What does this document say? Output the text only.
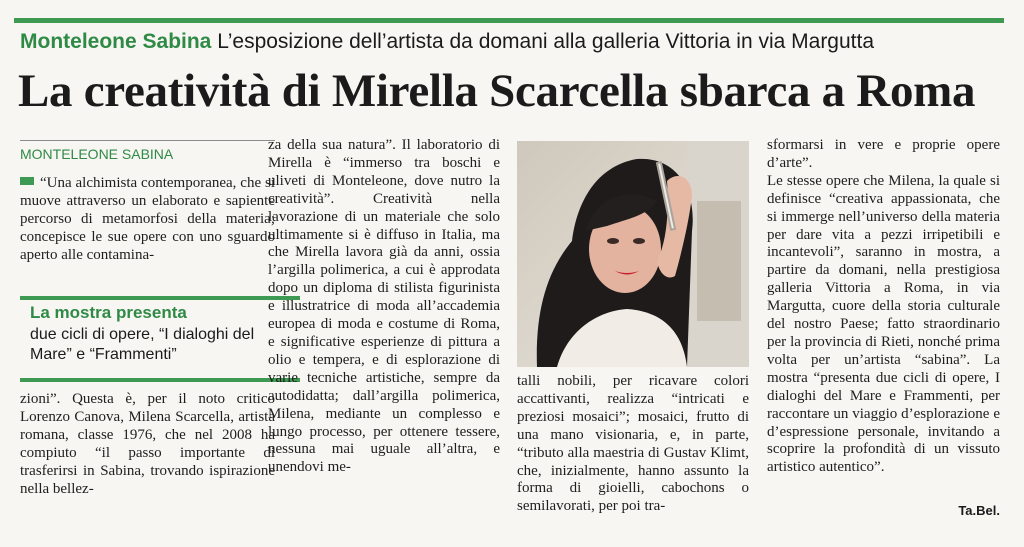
Monteleone Sabina L’esposizione dell’artista da domani alla galleria Vittoria in via Margutta
La creatività di Mirella Scarcella sbarca a Roma
MONTELEONE SABINA

“Una alchimista contemporanea, che si muove attraverso un elaborato e sapiente percorso di metamorfosi della materia; concepisce le sue opere con uno sguardo aperto alle contamina-

La mostra presenta
due cicli di opere, “I dialoghi del Mare” e “Frammenti”

zioni”. Questa è, per il noto critico Lorenzo Canova, Milena Scarcella, artista romana, classe 1976, che nel 2008 ha compiuto “il passo importante di trasferirsi in Sabina, trovando ispirazione nella bellez-

za della sua natura”. Il laboratorio di Mirella è “immerso tra boschi e uliveti di Monteleone, dove nutro la creatività”. Creatività nella lavorazione di un materiale che solo ultimamente si è diffuso in Italia, ma che Mirella lavora già da anni, ossia l’argilla polimerica, a cui è approdata dopo un diploma di stilista figurinista e illustratrice di moda all’accademia europea di moda e costume di Roma, e significative esperienze di pittura a olio e tempera, e di esplorazione di varie tecniche artistiche, sempre da autodidatta; dall’argilla polimerica, Milena, mediante un complesso e lungo processo, per ottenere tessere, nessuna mai uguale all’altra, e unendovi me-

talli nobili, per ricavare colori accattivanti, realizza “intricati e preziosi mosaici”; mosaici, frutto di una mano visionaria, e, in parte, “tributo alla maestria di Gustav Klimt, che, inizialmente, hanno assunto la forma di gioielli, cabochons o semilavorati, per poi tra-

sformarsi in vere e proprie opere d’arte”.

Le stesse opere che Milena, la quale si definisce “creativa appassionata, che si immerge nell’universo della materia per dare vita a pezzi irripetibili e incantevoli”, saranno in mostra, a partire da domani, nella prestigiosa galleria Vittoria a Roma, in via Margutta, cuore della storia culturale del nostro Paese; fatto straordinario per la provincia di Rieti, nonché prima volta per un’artista “sabina”. La mostra “presenta due cicli di opere, I dialoghi del Mare e Frammenti, per raccontare un viaggio d’esplorazione e d’espressione personale, invitando a scoprire la profondità di un vissuto artistico autentico”.

Ta.Bel.
